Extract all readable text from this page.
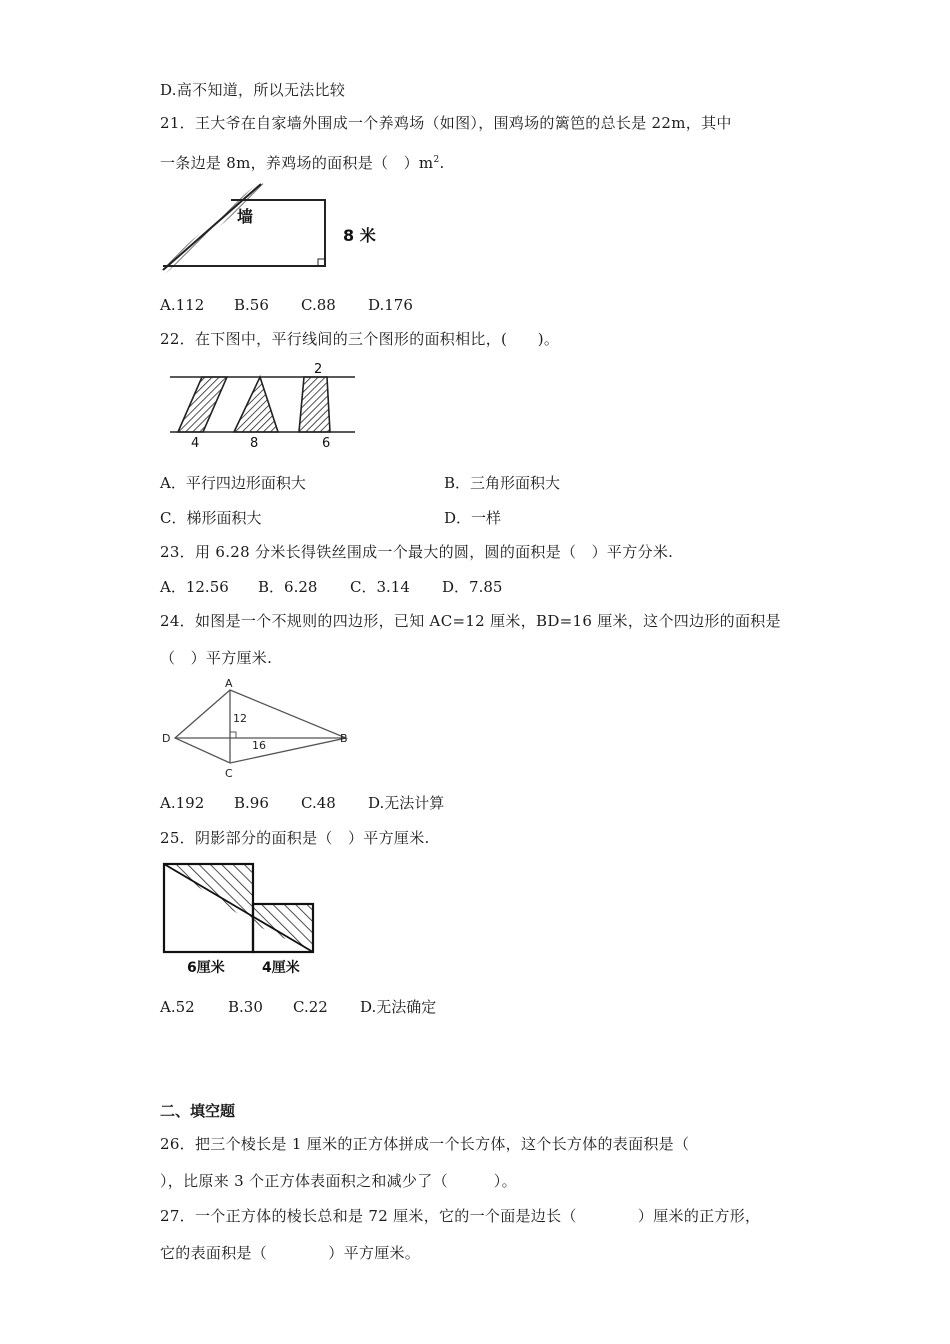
D.高不知道，所以无法比较
21．王大爷在自家墙外围成一个养鸡场（如图），围鸡场的篱笆的总长是 22m，其中
一条边是 8m，养鸡场的面积是（　）$m^2$.
墙
8 米
A.112 B.56 C.88 D.176
22．在下图中，平行线间的三个图形的面积相比，(　　)。
2
4	8	6
A．平行四边形面积大	B．三角形面积大
C．梯形面积大	D．一样
23．用 6.28 分米长得铁丝围成一个最大的圆，圆的面积是（　）平方分米.
A．12.56 B．6.28 C．3.14 D．7.85
24．如图是一个不规则的四边形，已知 AC=12 厘米，BD=16 厘米，这个四边形的面积是
（　）平方厘米.
A
B
C
D
12
16
A.192 B.96 C.48 D.无法计算
25．阴影部分的面积是（　）平方厘米.
6厘米	4厘米
A.52 B.30 C.22 D.无法确定
二、填空题
26．把三个棱长是 1 厘米的正方体拼成一个长方体，这个长方体的表面积是（
），比原来 3 个正方体表面积之和减少了（　　　）。
27．一个正方体的棱长总和是 72 厘米，它的一个面是边长（　　　　）厘米的正方形，
它的表面积是（　　　　）平方厘米。
